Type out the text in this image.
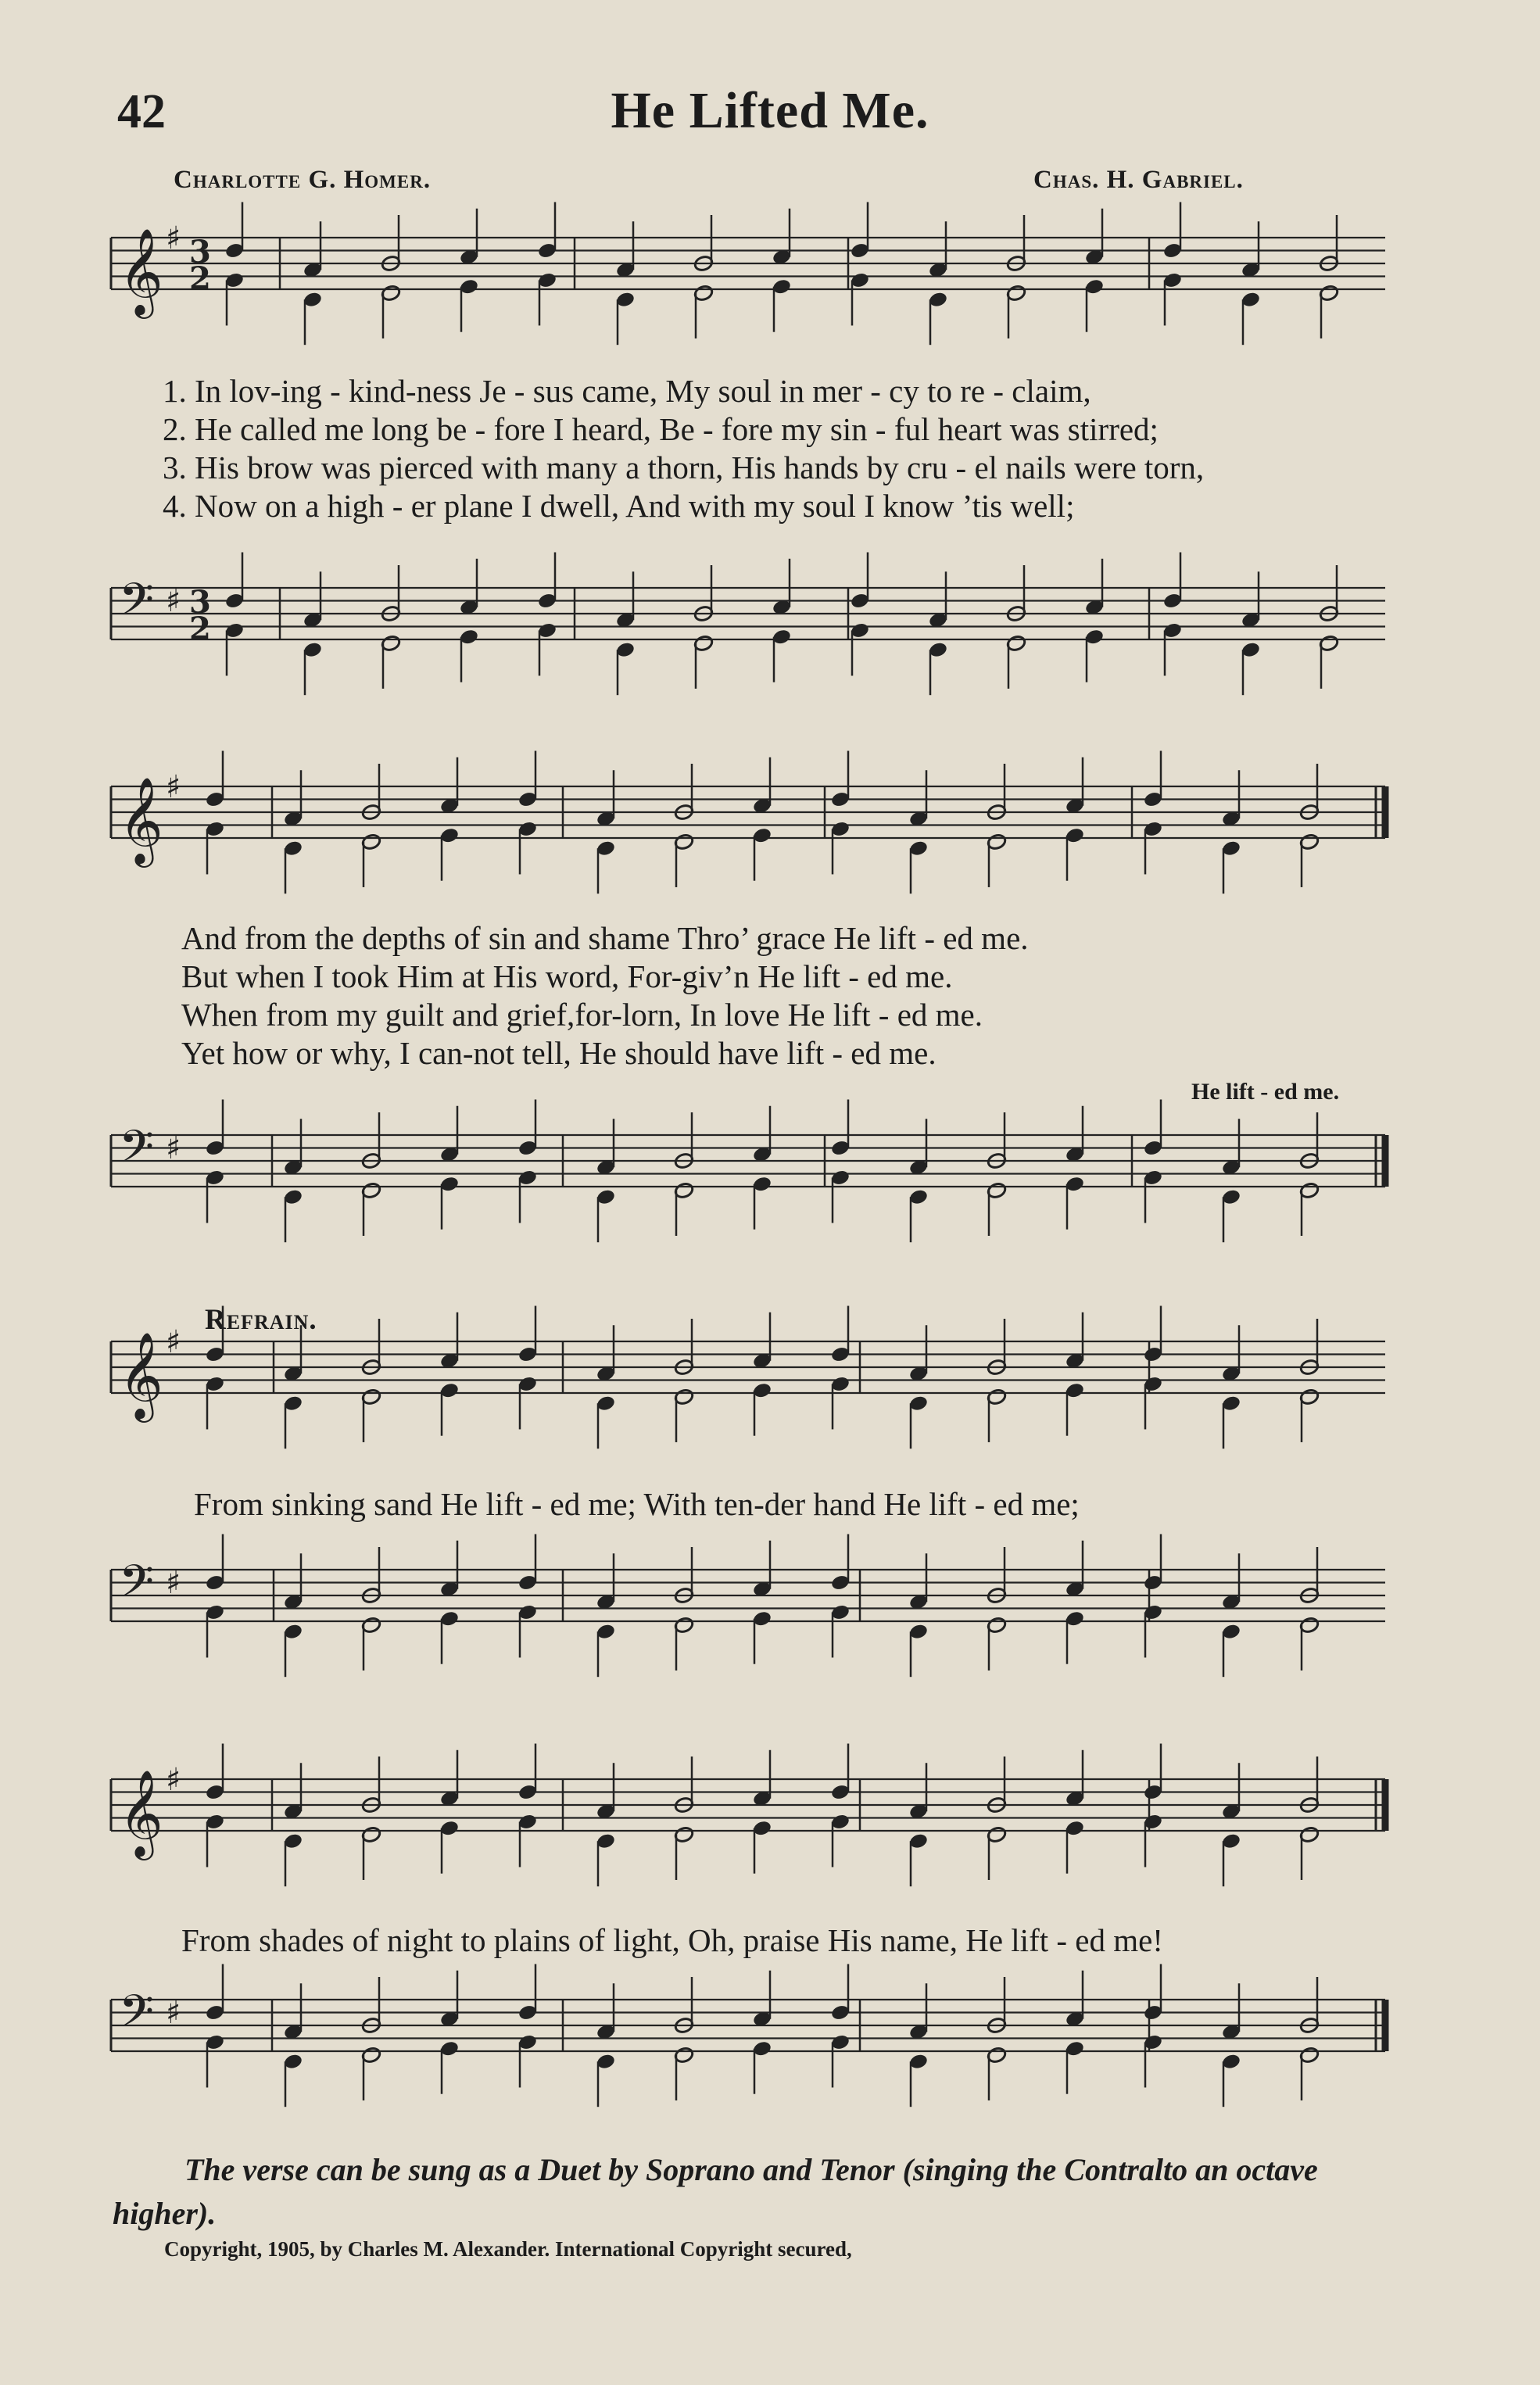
42	He Lifted Me.
Charlotte G. Homer.	Chas. H. Gabriel.
𝄞 ♯ 3
2
1. In lov-ing - kind-ness Je - sus came, My soul in mer - cy to re - claim,
2. He called me long be - fore I heard, Be - fore my sin - ful heart was stirred;
3. His brow was pierced with many a thorn, His hands by cru - el nails were torn,
4. Now on a high - er plane I dwell, And with my soul I know ’tis well;
𝄢 ♯ 3
2
𝄞 ♯
And from the depths of sin and shame Thro’ grace He lift - ed me.
But when I took Him at His word, For-giv’n He lift - ed me.
When from my guilt and grief,for-lorn, In love He lift - ed me.
Yet how or why, I can-not tell, He should have lift - ed me.
He lift - ed me.
𝄢 ♯
Refrain.
𝄞 ♯
From sinking sand He lift - ed me; With ten-der hand He lift - ed me;
𝄢 ♯
𝄞 ♯
From shades of night to plains of light, Oh, praise His name, He lift - ed me!
𝄢 ♯
The verse can be sung as a Duet by Soprano and Tenor (singing the Contralto an octave higher).
Copyright, 1905, by Charles M. Alexander. International Copyright secured,
